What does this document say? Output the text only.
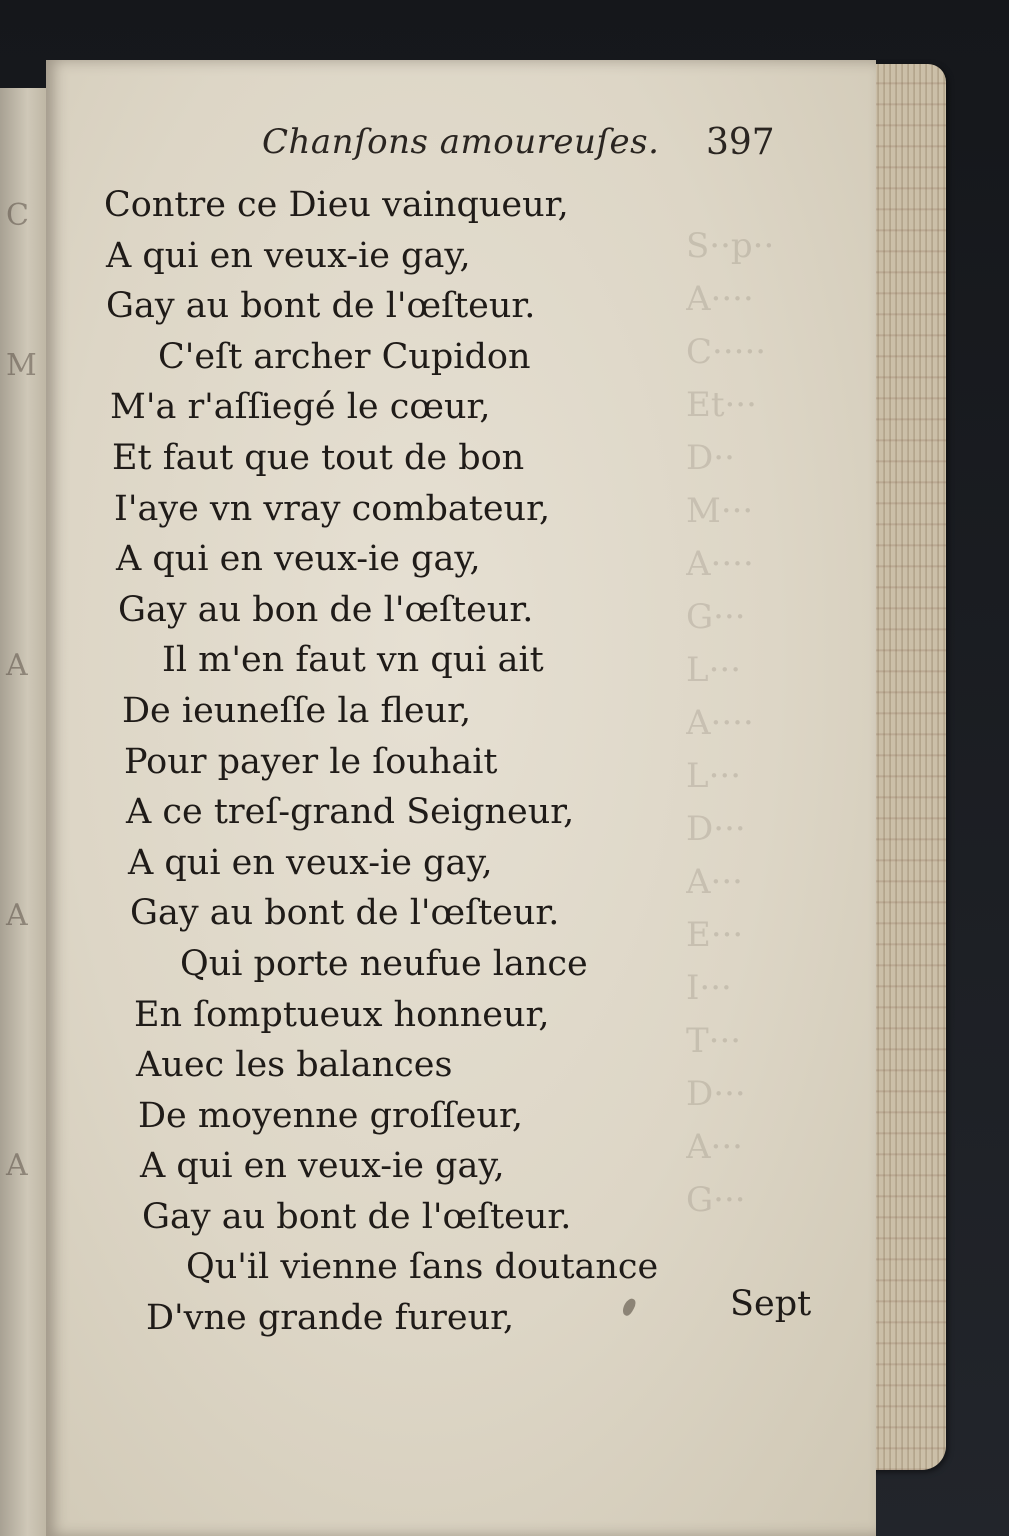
C
M
A
A
A
S··p··
A····
C·····
Et···
D··
M···
A····
G···
L···
A····
L···
D···
A···
E···
I···
T···
D···
A···
G···
Chanſons amoureuſes. 397
Contre ce Dieu vainqueur,
A qui en veux-ie gay,
Gay au bont de l'œſteur.
C'eſt archer Cupidon
M'a r'aſſiegé le cœur,
Et faut que tout de bon
I'aye vn vray combateur,
A qui en veux-ie gay,
Gay au bon de l'œſteur.
Il m'en faut vn qui ait
De ieuneſſe la fleur,
Pour payer le ſouhait
A ce treſ-grand Seigneur,
A qui en veux-ie gay,
Gay au bont de l'œſteur.
Qui porte neufue lance
En ſomptueux honneur,
Auec les balances
De moyenne groſſeur,
A qui en veux-ie gay,
Gay au bont de l'œſteur.
Qu'il vienne ſans doutance
D'vne grande fureur,	Sept
